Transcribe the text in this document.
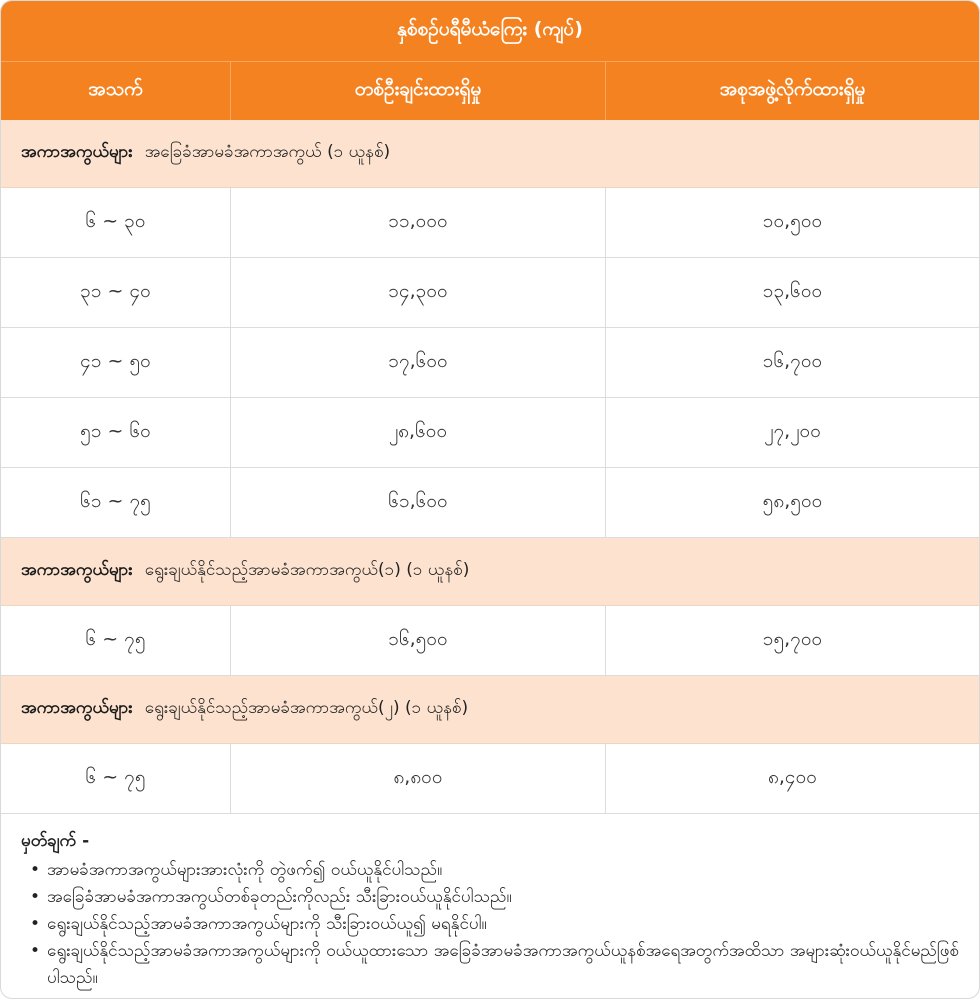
နှစ်စဉ်ပရီမီယံကြေး (ကျပ်)
အသက်	တစ်ဦးချင်းထားရှိမှု	အစုအဖွဲ့လိုက်ထားရှိမှု
အကာအကွယ်များ အခြေခံအာမခံအကာအကွယ် (၁ ယူနစ်)
၆ ~ ၃၀	၁၁,၀၀၀	၁၀,၅၀၀
၃၁ ~ ၄၀	၁၄,၃၀၀	၁၃,၆၀၀
၄၁ ~ ၅၀	၁၇,၆၀၀	၁၆,၇၀၀
၅၁ ~ ၆၀	၂၈,၆၀၀	၂၇,၂၀၀
၆၁ ~ ၇၅	၆၁,၆၀၀	၅၈,၅၀၀
အကာအကွယ်များ ရွေးချယ်နိုင်သည့်အာမခံအကာအကွယ်(၁) (၁ ယူနစ်)
၆ ~ ၇၅	၁၆,၅၀၀	၁၅,၇၀၀
အကာအကွယ်များ ရွေးချယ်နိုင်သည့်အာမခံအကာအကွယ်(၂) (၁ ယူနစ်)
၆ ~ ၇၅	၈,၈၀၀	၈,၄၀၀
မှတ်ချက် -
• အာမခံအကာအကွယ်များအားလုံးကို တွဲဖက်၍ ဝယ်ယူနိုင်ပါသည်။
• အခြေခံအာမခံအကာအကွယ်တစ်ခုတည်းကိုလည်း သီးခြားဝယ်ယူနိုင်ပါသည်။
• ရွေးချယ်နိုင်သည့်အာမခံအကာအကွယ်များကို သီးခြားဝယ်ယူ၍ မရနိုင်ပါ။
• ရွေးချယ်နိုင်သည့်အာမခံအကာအကွယ်များကို ဝယ်ယူထားသော အခြေခံအာမခံအကာအကွယ်ယူနစ်အရေအတွက်အထိသာ အများဆုံးဝယ်ယူနိုင်မည်ဖြစ်ပါသည်။
